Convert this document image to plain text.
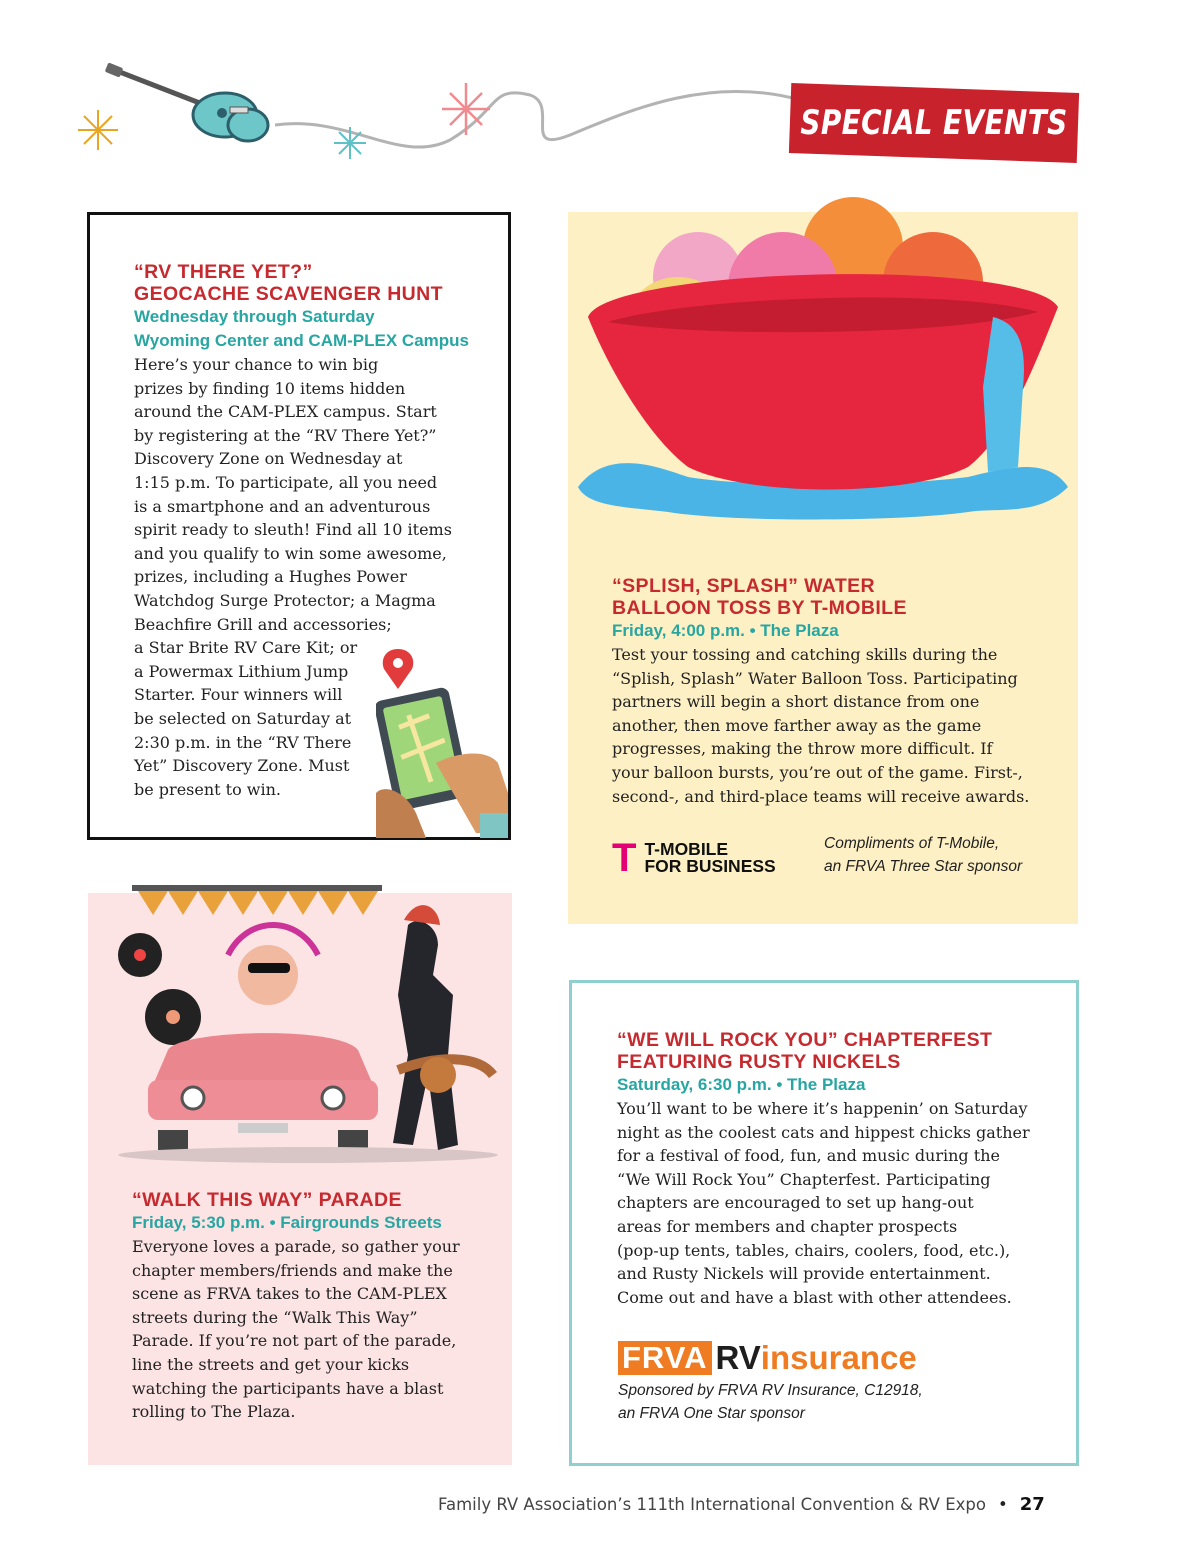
SPECIAL EVENTS
“RV THERE YET?”
GEOCACHE SCAVENGER HUNT
Wednesday through Saturday
Wyoming Center and CAM-PLEX Campus
Here’s your chance to win big
prizes by finding 10 items hidden
around the CAM-PLEX campus. Start
by registering at the “RV There Yet?”
Discovery Zone on Wednesday at
1:15 p.m. To participate, all you need
is a smartphone and an adventurous
spirit ready to sleuth! Find all 10 items
and you qualify to win some awesome,
prizes, including a Hughes Power
Watchdog Surge Protector; a Magma
Beachfire Grill and accessories;
a Star Brite RV Care Kit; or
a Powermax Lithium Jump
Starter. Four winners will
be selected on Saturday at
2:30 p.m. in the “RV There
Yet” Discovery Zone. Must
be present to win.
“SPLISH, SPLASH” WATER
BALLOON TOSS BY T-MOBILE
Friday, 4:00 p.m. • The Plaza
Test your tossing and catching skills during the
“Splish, Splash” Water Balloon Toss. Participating
partners will begin a short distance from one
another, then move farther away as the game
progresses, making the throw more difficult. If
your balloon bursts, you’re out of the game. First-,
second-, and third-place teams will receive awards.
T T-MOBILE
FOR BUSINESS
Compliments of T-Mobile,
an FRVA Three Star sponsor
“WALK THIS WAY” PARADE
Friday, 5:30 p.m. • Fairgrounds Streets
Everyone loves a parade, so gather your
chapter members/friends and make the
scene as FRVA takes to the CAM-PLEX
streets during the “Walk This Way”
Parade. If you’re not part of the parade,
line the streets and get your kicks
watching the participants have a blast
rolling to The Plaza.
“WE WILL ROCK YOU” CHAPTERFEST
FEATURING RUSTY NICKELS
Saturday, 6:30 p.m. • The Plaza
You’ll want to be where it’s happenin’ on Saturday
night as the coolest cats and hippest chicks gather
for a festival of food, fun, and music during the
“We Will Rock You” Chapterfest. Participating
chapters are encouraged to set up hang-out
areas for members and chapter prospects
(pop-up tents, tables, chairs, coolers, food, etc.),
and Rusty Nickels will provide entertainment.
Come out and have a blast with other attendees.
FRVA RV insurance
Sponsored by FRVA RV Insurance, C12918,
an FRVA One Star sponsor
Family RV Association’s 111th International Convention & RV Expo • 27
